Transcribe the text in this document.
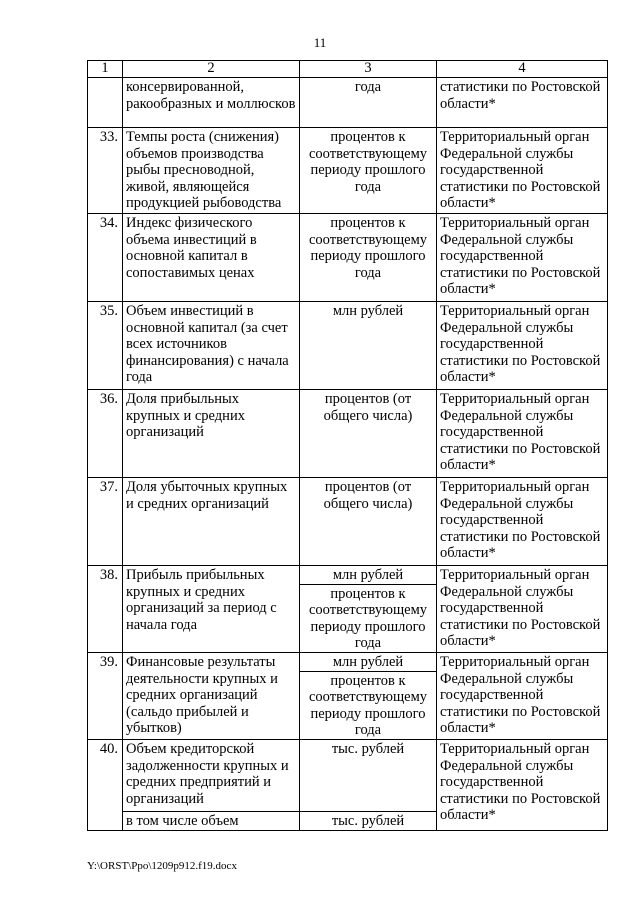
11
1	2	3	4
	консервированной, ракообразных и моллюсков	года	статистики по Ростовской области*
33.	Темпы роста (снижения) объемов производства рыбы пресноводной, живой, являющейся продукцией рыбоводства	процентов к соответствующему периоду прошлого года	Территориальный орган Федеральной службы государственной статистики по Ростовской области*
34.	Индекс физического объема инвестиций в основной капитал в сопоставимых ценах	процентов к соответствующему периоду прошлого года	Территориальный орган Федеральной службы государственной статистики по Ростовской области*
35.	Объем инвестиций в основной капитал (за счет всех источников финансирования) с начала года	млн рублей	Территориальный орган Федеральной службы государственной статистики по Ростовской области*
36.	Доля прибыльных крупных и средних организаций	процентов (от общего числа)	Территориальный орган Федеральной службы государственной статистики по Ростовской области*
37.	Доля убыточных крупных и средних организаций	процентов (от общего числа)	Территориальный орган Федеральной службы государственной статистики по Ростовской области*
38.	Прибыль прибыльных крупных и средних организаций за период с начала года	млн рублей	Территориальный орган Федеральной службы государственной статистики по Ростовской области*
		процентов к соответствующему периоду прошлого года	
39.	Финансовые результаты деятельности крупных и средних организаций (сальдо прибылей и убытков)	млн рублей	Территориальный орган Федеральной службы государственной статистики по Ростовской области*
		процентов к соответствующему периоду прошлого года	
40.	Объем кредиторской задолженности крупных и средних предприятий и организаций	тыс. рублей	Территориальный орган Федеральной службы государственной статистики по Ростовской области*
	в том числе объем	тыс. рублей	
Y:\ORST\Ppo\1209p912.f19.docx
